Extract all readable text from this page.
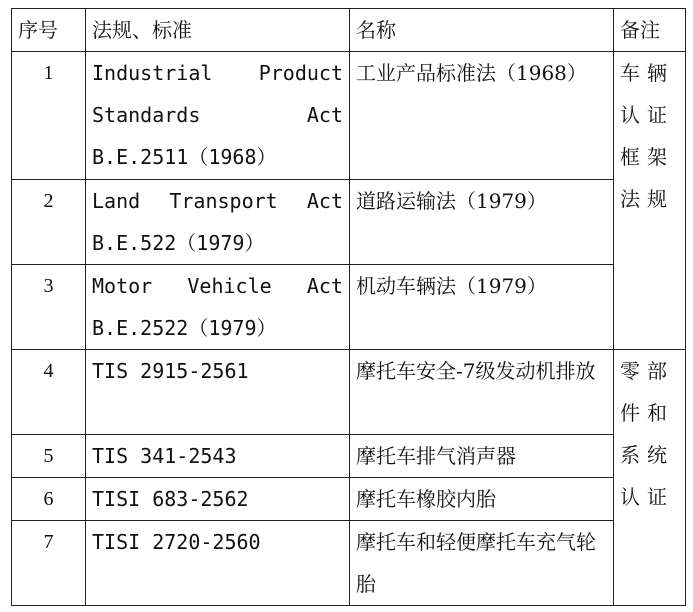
序号	法规、标准	名称	备注
1	Industrial Product
Standards Act
B.E.2511（1968）	工业产品标准法（1968）	车辆认证框架法规
2	Land Transport Act
B.E.522（1979）	道路运输法（1979）	
3	Motor Vehicle Act
B.E.2522（1979）	机动车辆法（1979）	
4	TIS 2915-2561	摩托车安全-7级发动机排放	零部件和系统认证
5	TIS 341-2543	摩托车排气消声器	
6	TISI 683-2562	摩托车橡胶内胎	
7	TISI 2720-2560	摩托车和轻便摩托车充气轮胎	
